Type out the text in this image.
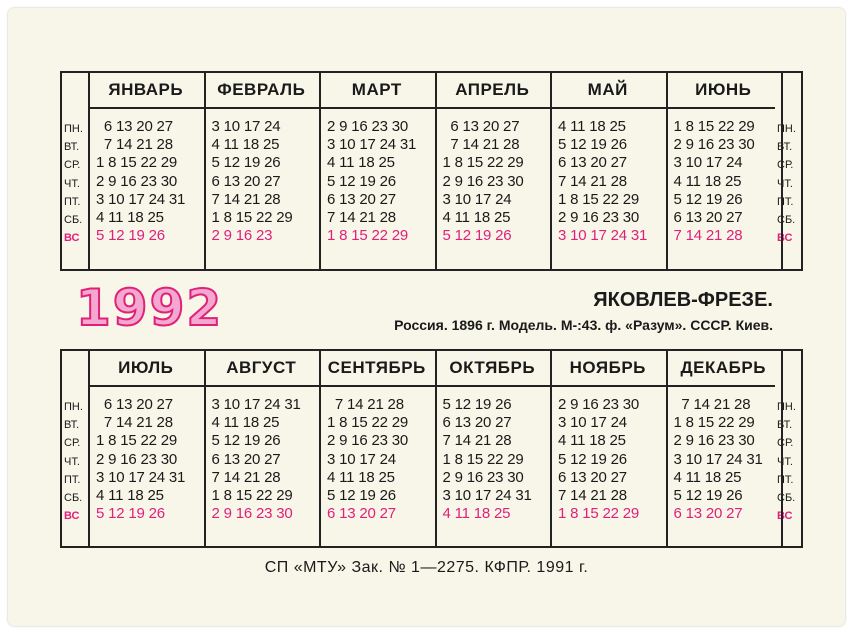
ПН.
ВТ.
СР.
ЧТ.
ПТ.
СБ.
ВС
ПН.
ВТ.
СР.
ЧТ.
ПТ.
СБ.
ВС
ЯНВАРЬ
6 13 20 27
7 14 21 28
1 8 15 22 29
2 9 16 23 30
3 10 17 24 31
4 11 18 25
5 12 19 26
ФЕВРАЛЬ
3 10 17 24
4 11 18 25
5 12 19 26
6 13 20 27
7 14 21 28
1 8 15 22 29
2 9 16 23
МАРТ
2 9 16 23 30
3 10 17 24 31
4 11 18 25
5 12 19 26
6 13 20 27
7 14 21 28
1 8 15 22 29
АПРЕЛЬ
6 13 20 27
7 14 21 28
1 8 15 22 29
2 9 16 23 30
3 10 17 24
4 11 18 25
5 12 19 26
МАЙ
4 11 18 25
5 12 19 26
6 13 20 27
7 14 21 28
1 8 15 22 29
2 9 16 23 30
3 10 17 24 31
ИЮНЬ
1 8 15 22 29
2 9 16 23 30
3 10 17 24
4 11 18 25
5 12 19 26
6 13 20 27
7 14 21 28
1992	ЯКОВЛЕВ-ФРЕЗЕ.
Россия. 1896 г. Модель. М-:43. ф. «Разум». СССР. Киев.
ПН.
ВТ.
СР.
ЧТ.
ПТ.
СБ.
ВС
ПН.
ВТ.
СР.
ЧТ.
ПТ.
СБ.
ВС
ИЮЛЬ
6 13 20 27
7 14 21 28
1 8 15 22 29
2 9 16 23 30
3 10 17 24 31
4 11 18 25
5 12 19 26
АВГУСТ
3 10 17 24 31
4 11 18 25
5 12 19 26
6 13 20 27
7 14 21 28
1 8 15 22 29
2 9 16 23 30
СЕНТЯБРЬ
7 14 21 28
1 8 15 22 29
2 9 16 23 30
3 10 17 24
4 11 18 25
5 12 19 26
6 13 20 27
ОКТЯБРЬ
5 12 19 26
6 13 20 27
7 14 21 28
1 8 15 22 29
2 9 16 23 30
3 10 17 24 31
4 11 18 25
НОЯБРЬ
2 9 16 23 30
3 10 17 24
4 11 18 25
5 12 19 26
6 13 20 27
7 14 21 28
1 8 15 22 29
ДЕКАБРЬ
7 14 21 28
1 8 15 22 29
2 9 16 23 30
3 10 17 24 31
4 11 18 25
5 12 19 26
6 13 20 27
СП «МТУ» Зак. № 1—2275. КФПР. 1991 г.
